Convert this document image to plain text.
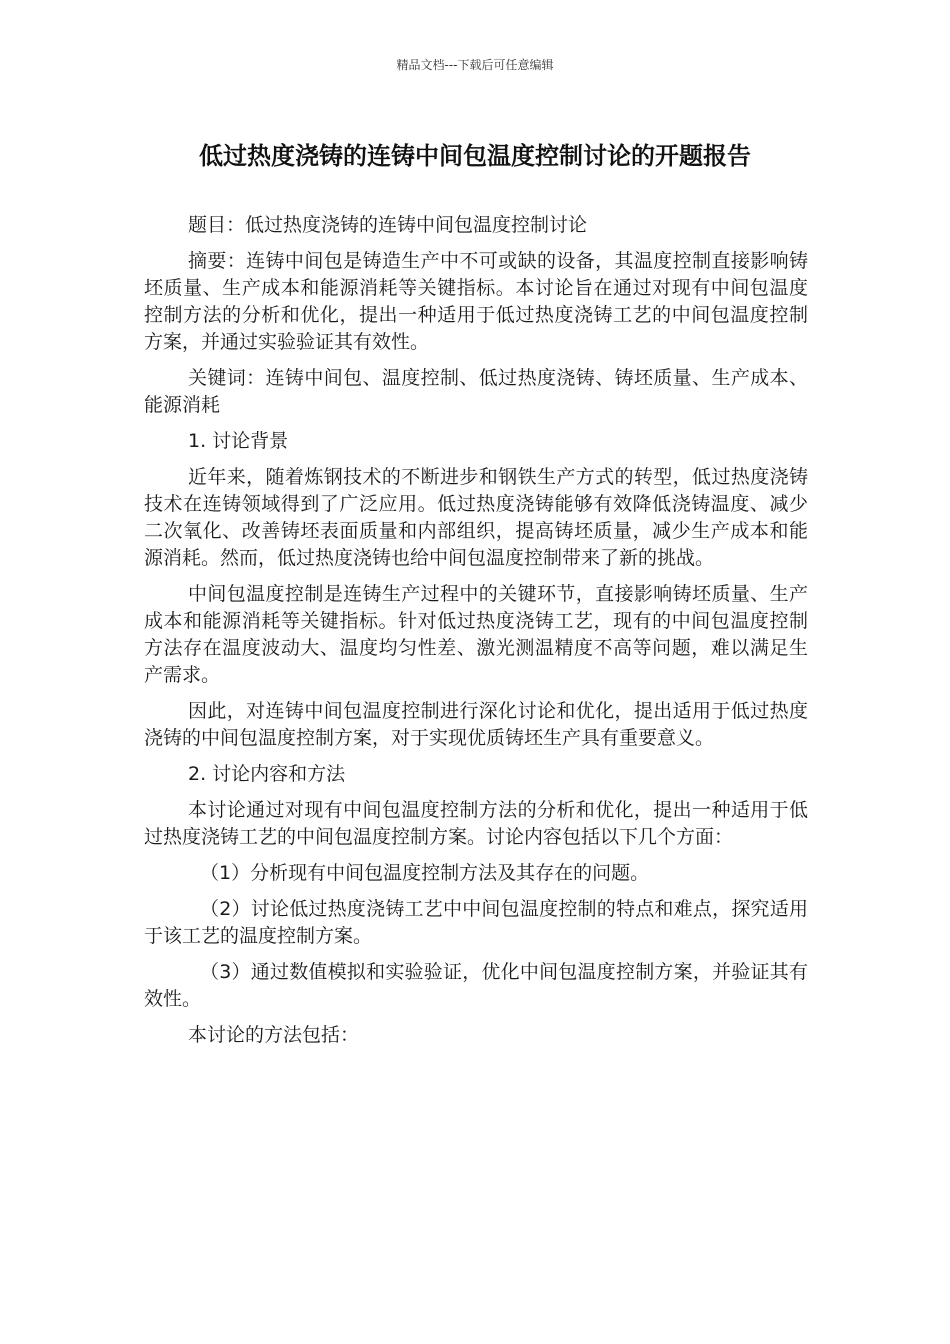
精品文档---下载后可任意编辑
低过热度浇铸的连铸中间包温度控制讨论的开题报告

题目：低过热度浇铸的连铸中间包温度控制讨论

摘要：连铸中间包是铸造生产中不可或缺的设备，其温度控制直接影响铸坯质量、生产成本和能源消耗等关键指标。本讨论旨在通过对现有中间包温度控制方法的分析和优化，提出一种适用于低过热度浇铸工艺的中间包温度控制方案，并通过实验验证其有效性。

关键词：连铸中间包、温度控制、低过热度浇铸、铸坯质量、生产成本、能源消耗

1. 讨论背景

近年来，随着炼钢技术的不断进步和钢铁生产方式的转型，低过热度浇铸技术在连铸领域得到了广泛应用。低过热度浇铸能够有效降低浇铸温度、减少二次氧化、改善铸坯表面质量和内部组织，提高铸坯质量，减少生产成本和能源消耗。然而，低过热度浇铸也给中间包温度控制带来了新的挑战。

中间包温度控制是连铸生产过程中的关键环节，直接影响铸坯质量、生产成本和能源消耗等关键指标。针对低过热度浇铸工艺，现有的中间包温度控制方法存在温度波动大、温度均匀性差、激光测温精度不高等问题，难以满足生产需求。

因此，对连铸中间包温度控制进行深化讨论和优化，提出适用于低过热度浇铸的中间包温度控制方案，对于实现优质铸坯生产具有重要意义。

2. 讨论内容和方法

本讨论通过对现有中间包温度控制方法的分析和优化，提出一种适用于低过热度浇铸工艺的中间包温度控制方案。讨论内容包括以下几个方面：

（1）分析现有中间包温度控制方法及其存在的问题。

（2）讨论低过热度浇铸工艺中中间包温度控制的特点和难点，探究适用于该工艺的温度控制方案。

（3）通过数值模拟和实验验证，优化中间包温度控制方案，并验证其有效性。

本讨论的方法包括：
